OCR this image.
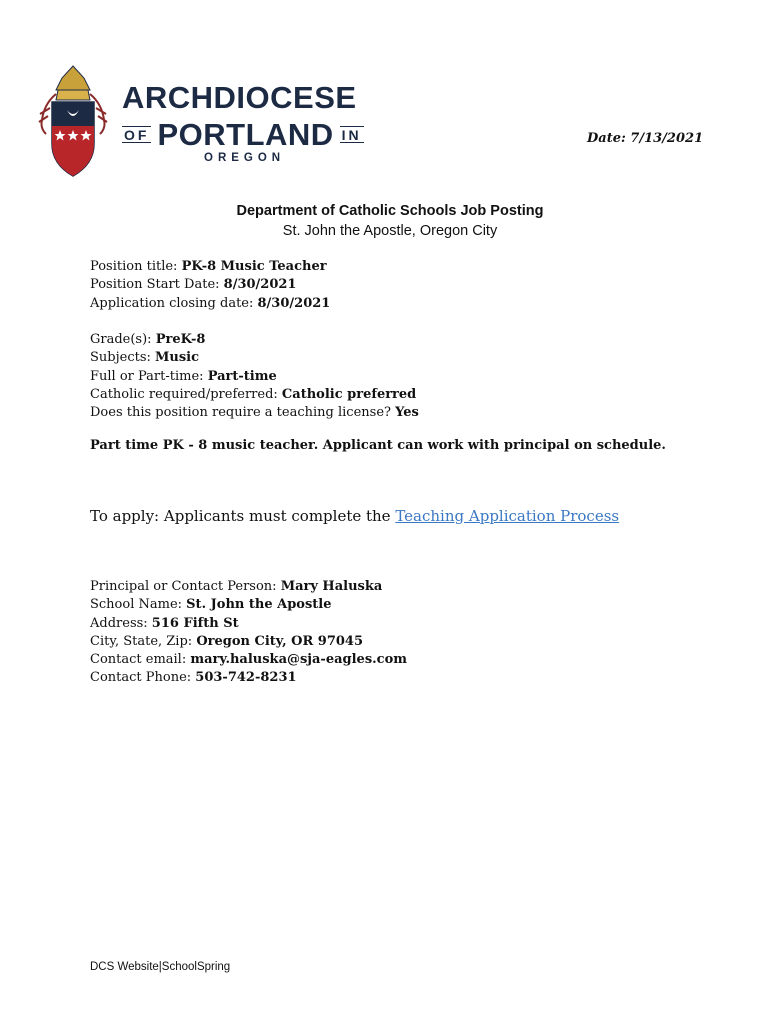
ARCHDIOCESE
OF PORTLAND IN
OREGON
Date: 7/13/2021
Department of Catholic Schools Job Posting
St. John the Apostle, Oregon City
Position title: PK-8 Music Teacher
Position Start Date: 8/30/2021
Application closing date: 8/30/2021
Grade(s): PreK-8
Subjects: Music
Full or Part-time: Part-time
Catholic required/preferred: Catholic preferred
Does this position require a teaching license? Yes
Part time PK - 8 music teacher. Applicant can work with principal on schedule.
To apply: Applicants must complete the Teaching Application Process
Principal or Contact Person: Mary Haluska
School Name: St. John the Apostle
Address: 516 Fifth St
City, State, Zip: Oregon City, OR 97045
Contact email: mary.haluska@sja-eagles.com
Contact Phone: 503-742-8231
DCS Website|SchoolSpring
